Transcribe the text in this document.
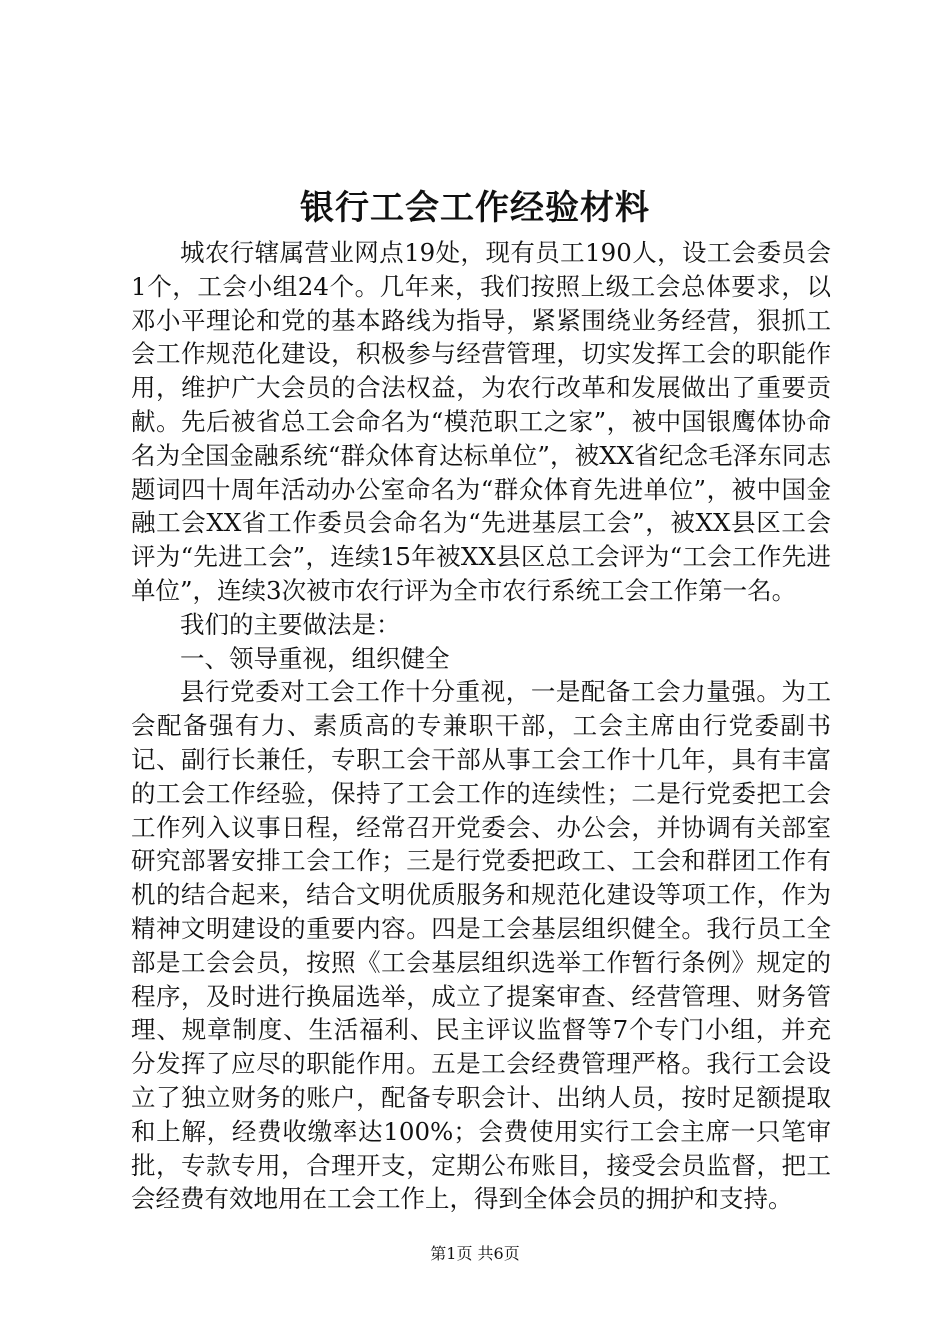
银行工会工作经验材料

城农行辖属营业网点19处，现有员工190人，设工会委员会1个，工会小组24个。几年来，我们按照上级工会总体要求，以邓小平理论和党的基本路线为指导，紧紧围绕业务经营，狠抓工会工作规范化建设，积极参与经营管理，切实发挥工会的职能作用，维护广大会员的合法权益，为农行改革和发展做出了重要贡献。先后被省总工会命名为“模范职工之家”，被中国银鹰体协命名为全国金融系统“群众体育达标单位”，被XX省纪念毛泽东同志题词四十周年活动办公室命名为“群众体育先进单位”，被中国金融工会XX省工作委员会命名为“先进基层工会”，被XX县区工会评为“先进工会”，连续15年被XX县区总工会评为“工会工作先进单位”，连续3次被市农行评为全市农行系统工会工作第一名。

我们的主要做法是：

一、领导重视，组织健全

县行党委对工会工作十分重视，一是配备工会力量强。为工会配备强有力、素质高的专兼职干部，工会主席由行党委副书记、副行长兼任，专职工会干部从事工会工作十几年，具有丰富的工会工作经验，保持了工会工作的连续性；二是行党委把工会工作列入议事日程，经常召开党委会、办公会，并协调有关部室研究部署安排工会工作；三是行党委把政工、工会和群团工作有机的结合起来，结合文明优质服务和规范化建设等项工作，作为精神文明建设的重要内容。四是工会基层组织健全。我行员工全部是工会会员，按照《工会基层组织选举工作暂行条例》规定的程序，及时进行换届选举，成立了提案审查、经营管理、财务管理、规章制度、生活福利、民主评议监督等7个专门小组，并充分发挥了应尽的职能作用。五是工会经费管理严格。我行工会设立了独立财务的账户，配备专职会计、出纳人员，按时足额提取和上解，经费收缴率达100%；会费使用实行工会主席一只笔审批，专款专用，合理开支，定期公布账目，接受会员监督，把工会经费有效地用在工会工作上，得到全体会员的拥护和支持。

第1页 共6页
